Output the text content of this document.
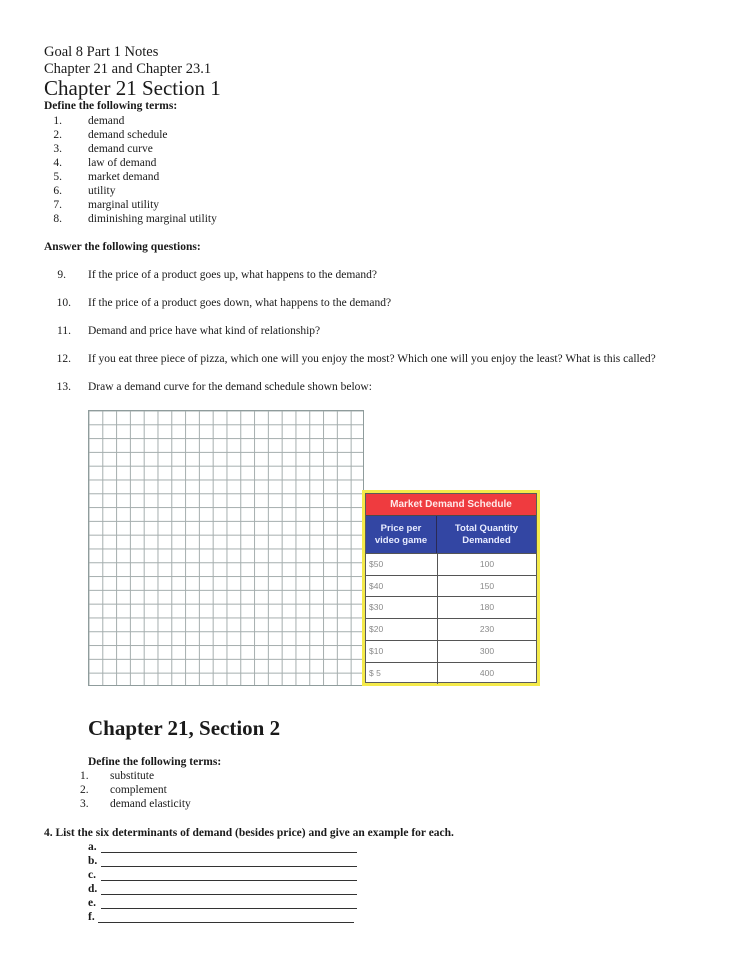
Goal 8 Part 1 Notes
Chapter 21 and Chapter 23.1
Chapter 21 Section 1
Define the following terms:
1. demand
2. demand schedule
3. demand curve
4. law of demand
5. market demand
6. utility
7. marginal utility
8. diminishing marginal utility
Answer the following questions:
9. If the price of a product goes up, what happens to the demand?
10. If the price of a product goes down, what happens to the demand?
11. Demand and price have what kind of relationship?
12. If you eat three piece of pizza, which one will you enjoy the most? Which one will you enjoy the least? What is this called?
13. Draw a demand curve for the demand schedule shown below:
Market Demand Schedule
Price per video game
Total Quantity Demanded
$50	100
$40	150
$30	180
$20	230
$10	300
$ 5	400
Chapter 21, Section 2
Define the following terms:
1.	substitute
2.	complement
3.	demand elasticity
4. List the six determinants of demand (besides price) and give an example for each.
a.
b.
c.
d.
e.
f.
